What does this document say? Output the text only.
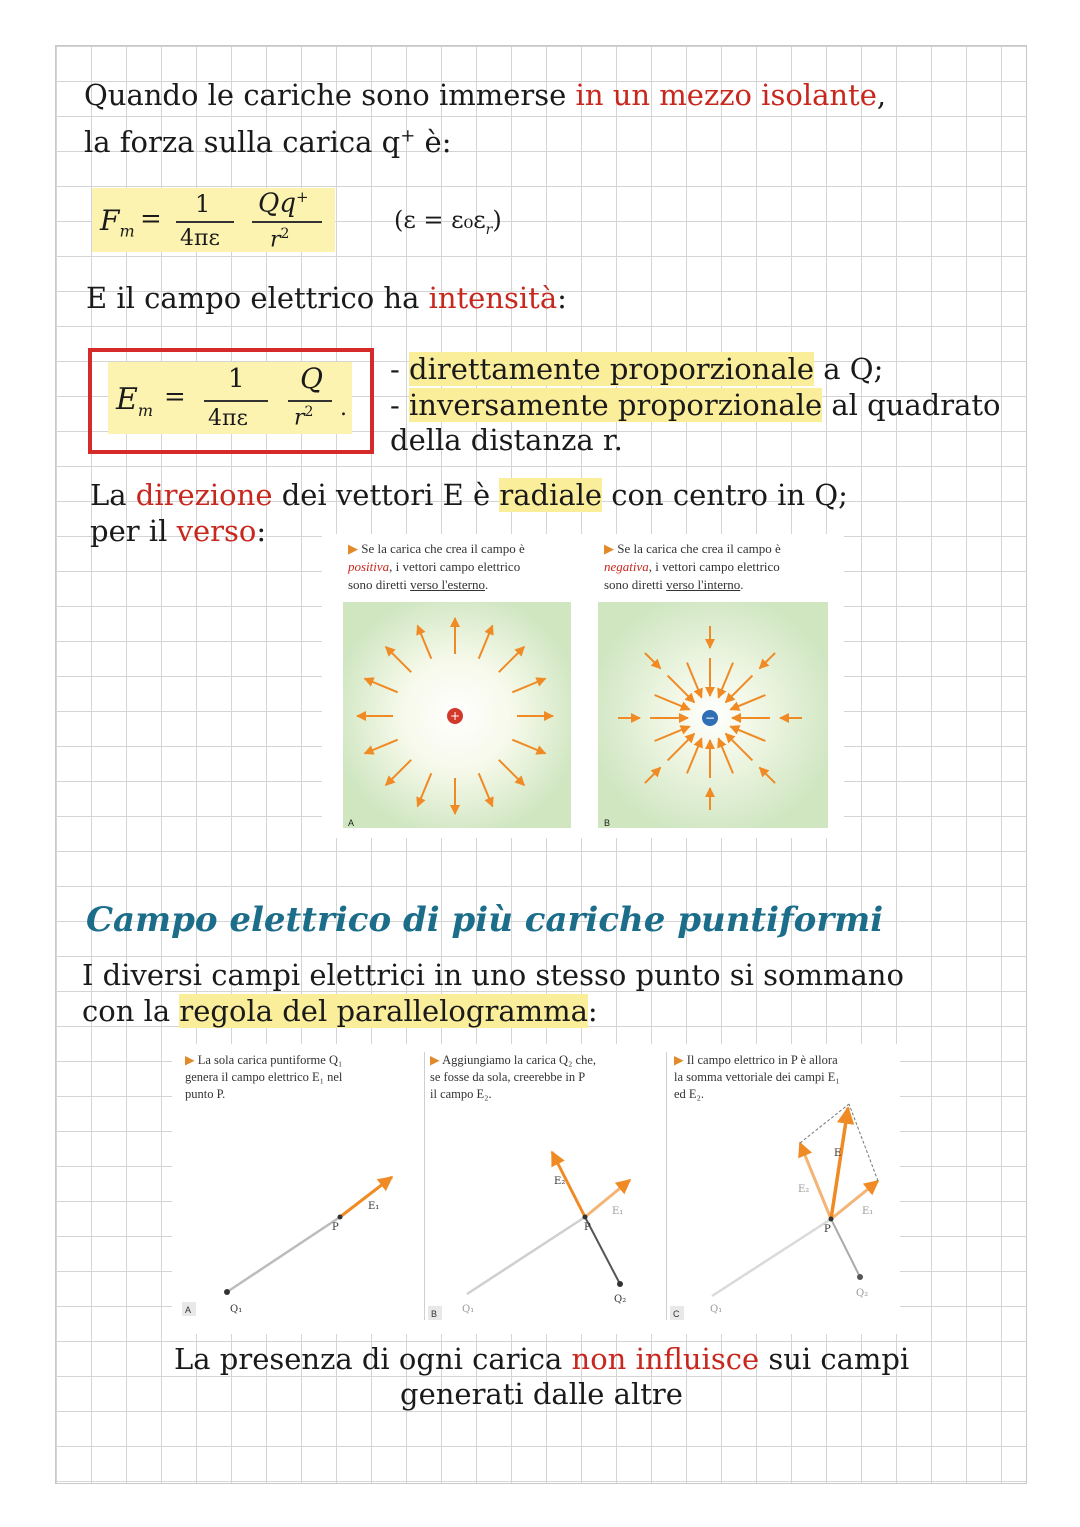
Quando le cariche sono immerse in un mezzo isolante,
la forza sulla carica q+ è:
$F_m = 1$
4πε
Qq+
$r^2$	$(\varepsilon = \varepsilon_0\varepsilon_r)$
E il campo elettrico ha intensità:
$E_m$ =
1
4πε
Q
$r^2$ .
- direttamente proporzionale a Q;
- inversamente proporzionale al quadrato
della distanza r.
La direzione dei vettori E è radiale con centro in Q;
per il verso:
▶ Se la carica che crea il campo è
positiva, i vettori campo elettrico
sono diretti verso l'esterno.
▶ Se la carica che crea il campo è
negativa, i vettori campo elettrico
sono diretti verso l'interno.
+
A
−
B
Campo elettrico di più cariche puntiformi
I diversi campi elettrici in uno stesso punto si sommano
con la regola del parallelogramma:
▶ La sola carica puntiforme Q₁
genera il campo elettrico E₁ nel
punto P.
▶ Aggiungiamo la carica Q₂ che,
se fosse da sola, creerebbe in P
il campo E₂.
▶ Il campo elettrico in P è allora
la somma vettoriale dei campi E₁
ed E₂.
Q₁
P
E₁
A	Q₁
Q₂
P
E₂
E₁
B	Q₁
Q₂
P
E
E₂
E₁
C
La presenza di ogni carica non influisce sui campi
generati dalle altre
